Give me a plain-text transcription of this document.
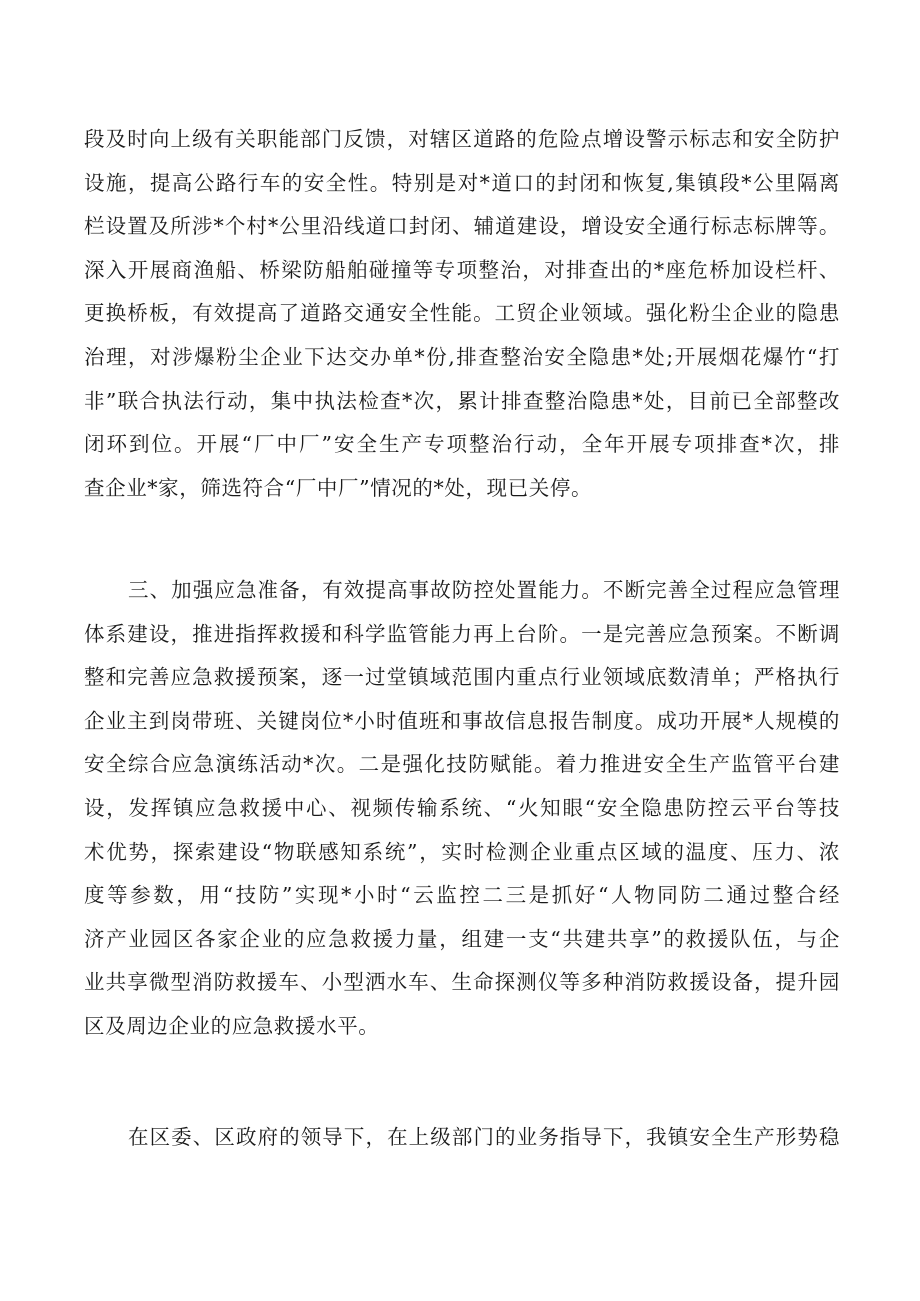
段及时向上级有关职能部门反馈，对辖区道路的危险点增设警示标志和安全防护
设施，提高公路行车的安全性。特别是对*道口的封闭和恢复,集镇段*公里隔离
栏设置及所涉*个村*公里沿线道口封闭、辅道建设，增设安全通行标志标牌等。
深入开展商渔船、桥梁防船舶碰撞等专项整治，对排查出的*座危桥加设栏杆、
更换桥板，有效提高了道路交通安全性能。工贸企业领域。强化粉尘企业的隐患
治理，对涉爆粉尘企业下达交办单*份,排查整治安全隐患*处;开展烟花爆竹“打
非”联合执法行动，集中执法检查*次，累计排查整治隐患*处，目前已全部整改
闭环到位。开展“厂中厂”安全生产专项整治行动，全年开展专项排查*次，排
查企业*家，筛选符合“厂中厂”情况的*处，现已关停。
三、加强应急准备，有效提高事故防控处置能力。不断完善全过程应急管理
体系建设，推进指挥救援和科学监管能力再上台阶。一是完善应急预案。不断调
整和完善应急救援预案，逐一过堂镇域范围内重点行业领域底数清单；严格执行
企业主到岗带班、关键岗位*小时值班和事故信息报告制度。成功开展*人规模的
安全综合应急演练活动*次。二是强化技防赋能。着力推进安全生产监管平台建
设，发挥镇应急救援中心、视频传输系统、“火知眼“安全隐患防控云平台等技
术优势，探索建设“物联感知系统”，实时检测企业重点区域的温度、压力、浓
度等参数，用“技防”实现*小时“云监控二三是抓好“人物同防二通过整合经
济产业园区各家企业的应急救援力量，组建一支“共建共享”的救援队伍，与企
业共享微型消防救援车、小型洒水车、生命探测仪等多种消防救援设备，提升园
区及周边企业的应急救援水平。
在区委、区政府的领导下，在上级部门的业务指导下，我镇安全生产形势稳
